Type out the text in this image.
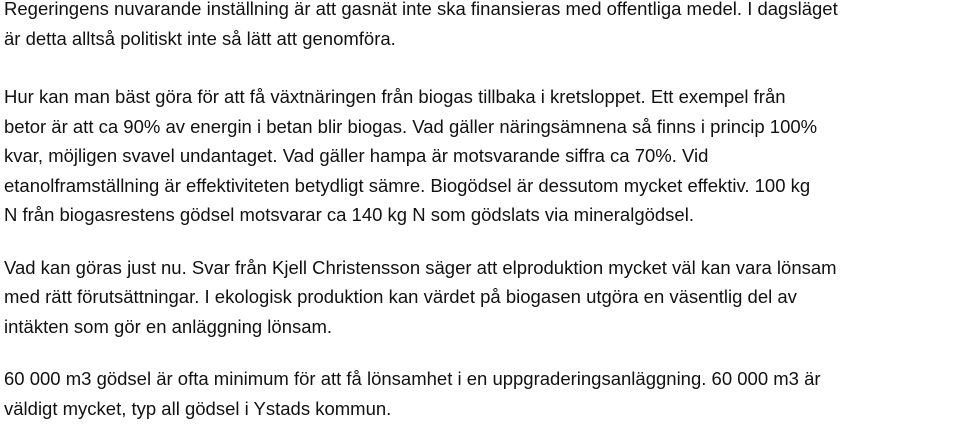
Regeringens nuvarande inställning är att gasnät inte ska finansieras med offentliga medel. I dagsläget
är detta alltså politiskt inte så lätt att genomföra.

Hur kan man bäst göra för att få växtnäringen från biogas tillbaka i kretsloppet. Ett exempel från
betor är att ca 90% av energin i betan blir biogas. Vad gäller näringsämnena så finns i princip 100%
kvar, möjligen svavel undantaget. Vad gäller hampa är motsvarande siffra ca 70%. Vid
etanolframställning är effektiviteten betydligt sämre. Biogödsel är dessutom mycket effektiv. 100 kg
N från biogasrestens gödsel motsvarar ca 140 kg N som gödslats via mineralgödsel.

Vad kan göras just nu. Svar från Kjell Christensson säger att elproduktion mycket väl kan vara lönsam
med rätt förutsättningar. I ekologisk produktion kan värdet på biogasen utgöra en väsentlig del av
intäkten som gör en anläggning lönsam.

60 000 m3 gödsel är ofta minimum för att få lönsamhet i en uppgraderingsanläggning. 60 000 m3 är
väldigt mycket, typ all gödsel i Ystads kommun.
